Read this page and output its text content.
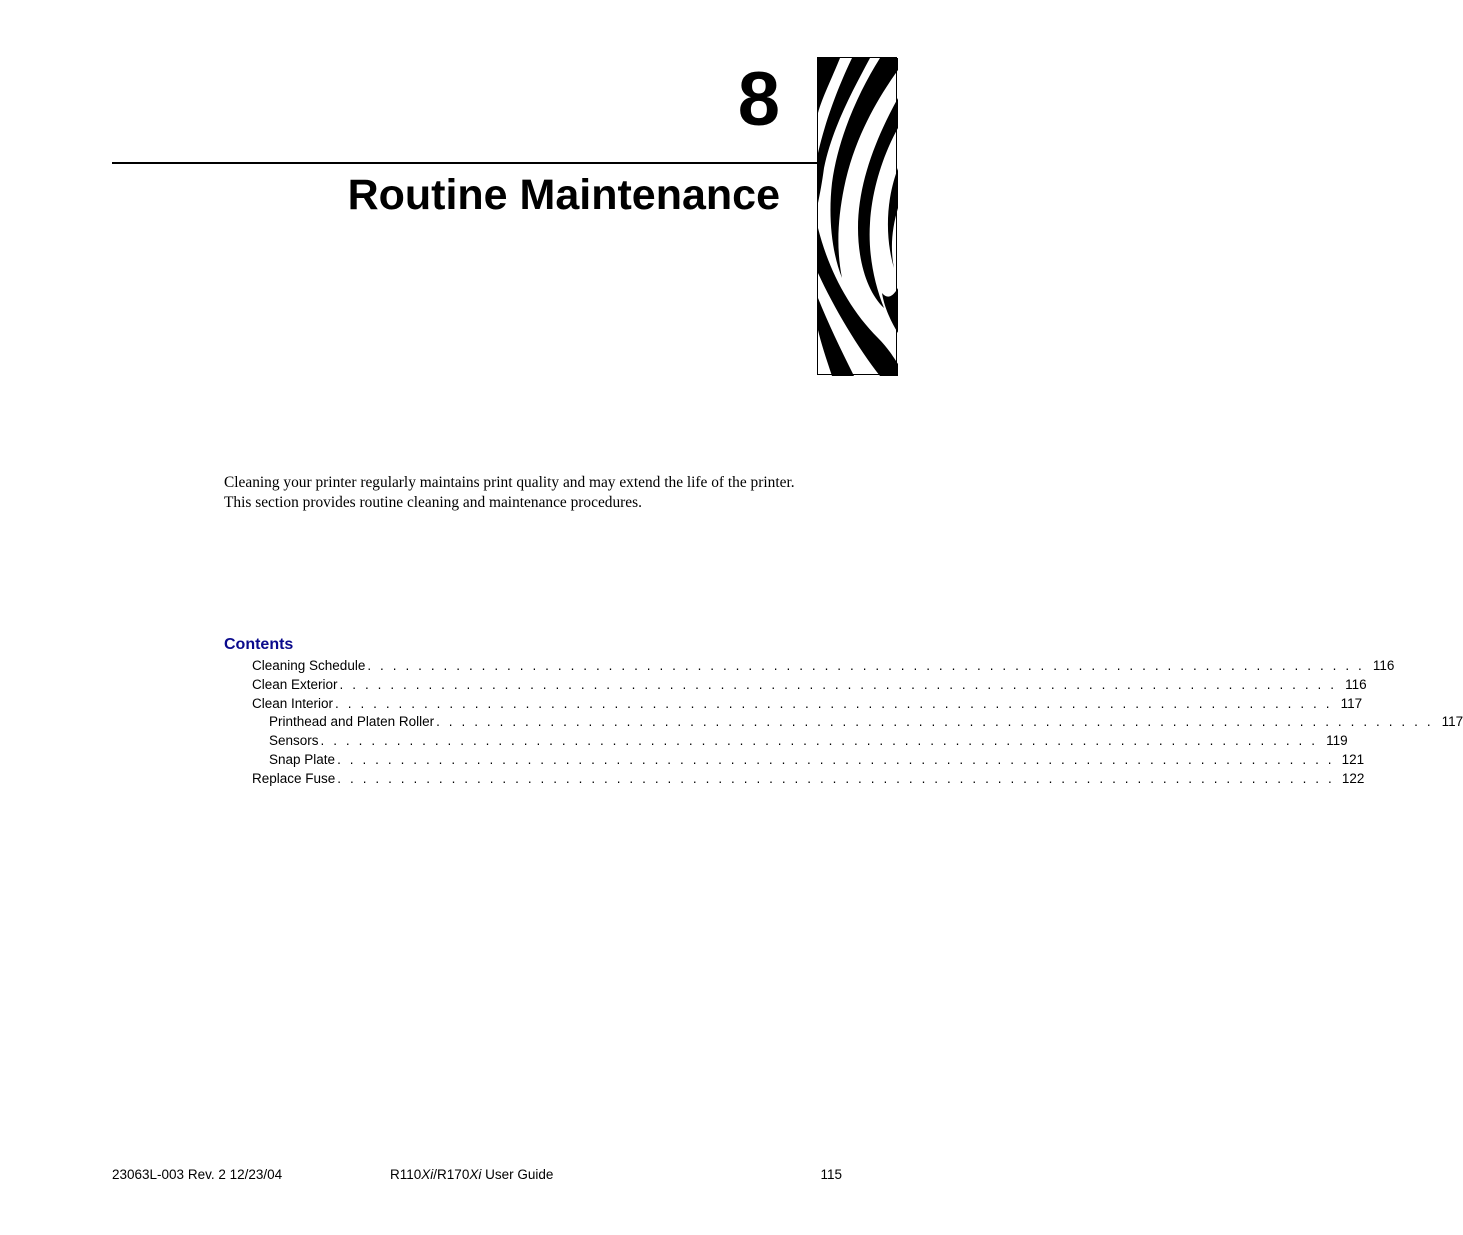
8
Routine Maintenance

Cleaning your printer regularly maintains print quality and may extend the life of the printer.

This section provides routine cleaning and maintenance procedures.

Contents
Cleaning Schedule . . . . . . . . . . . . . . . . . . . . . . . . . . . . . . . . . . . . . . . . . . . . . . . . . . . . . . . . . . . . . . . . . . . . . . . . . . . . . . . 116
Clean Exterior . . . . . . . . . . . . . . . . . . . . . . . . . . . . . . . . . . . . . . . . . . . . . . . . . . . . . . . . . . . . . . . . . . . . . . . . . . . . . . . 116
Clean Interior . . . . . . . . . . . . . . . . . . . . . . . . . . . . . . . . . . . . . . . . . . . . . . . . . . . . . . . . . . . . . . . . . . . . . . . . . . . . . . . 117
Printhead and Platen Roller . . . . . . . . . . . . . . . . . . . . . . . . . . . . . . . . . . . . . . . . . . . . . . . . . . . . . . . . . . . . . . . . . . . . . . . . . . . . . . . 117
Sensors . . . . . . . . . . . . . . . . . . . . . . . . . . . . . . . . . . . . . . . . . . . . . . . . . . . . . . . . . . . . . . . . . . . . . . . . . . . . . . . 119
Snap Plate . . . . . . . . . . . . . . . . . . . . . . . . . . . . . . . . . . . . . . . . . . . . . . . . . . . . . . . . . . . . . . . . . . . . . . . . . . . . . . . 121
Replace Fuse . . . . . . . . . . . . . . . . . . . . . . . . . . . . . . . . . . . . . . . . . . . . . . . . . . . . . . . . . . . . . . . . . . . . . . . . . . . . . . . 122
23063L-003 Rev. 2 12/23/04	R110Xi/R170Xi User Guide	115
